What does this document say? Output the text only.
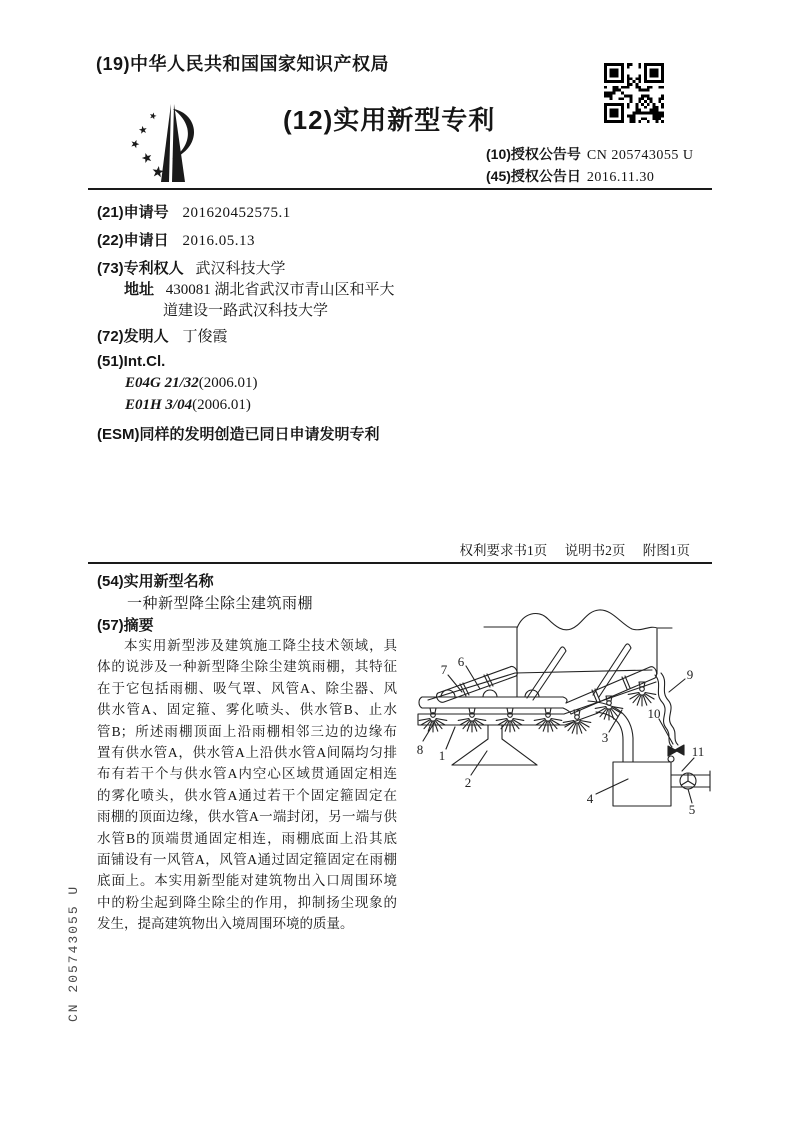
(19)中华人民共和国国家知识产权局
(12)实用新型专利
(10)授权公告号 CN 205743055 U
(45)授权公告日 2016.11.30
(21)申请号 201620452575.1
(22)申请日 2016.05.13
(73)专利权人 武汉科技大学
地址 430081 湖北省武汉市青山区和平大
道建设一路武汉科技大学
(72)发明人 丁俊霞
(51)Int.Cl.
E04G 21/32(2006.01)
E01H 3/04(2006.01)
(ESM)同样的发明创造已同日申请发明专利
权利要求书1页 说明书2页 附图1页
(54)实用新型名称
一种新型降尘除尘建筑雨棚
(57)摘要
本实用新型涉及建筑施工降尘技术领域，具
体的说涉及一种新型降尘除尘建筑雨棚，其特征
在于它包括雨棚、吸气罩、风管A、除尘器、风
供水管A、固定箍、雾化喷头、供水管B、止水
管B；所述雨棚顶面上沿雨棚相邻三边的边缘布
置有供水管A，供水管A上沿供水管A间隔均匀排
布有若干个与供水管A内空心区域贯通固定相连
的雾化喷头，供水管A通过若干个固定箍固定在
雨棚的顶面边缘，供水管A一端封闭，另一端与供
水管B的顶端贯通固定相连，雨棚底面上沿其底
面铺设有一风管A，风管A通过固定箍固定在雨棚
底面上。本实用新型能对建筑物出入口周围环境
中的粉尘起到降尘除尘的作用，抑制扬尘现象的
发生，提高建筑物出入境周围环境的质量。
1
2
3
4
5
6
7
8
9
10
11
CN 205743055 U
